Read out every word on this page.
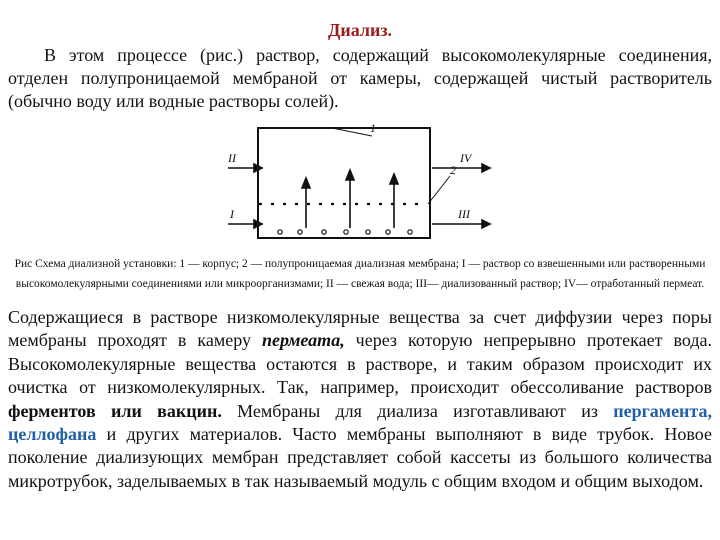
Диализ.

В этом процессе (рис.) раствор, содержащий высокомолекулярные соединения, отделен полупроницаемой мембраной от камеры, содержащей чистый растворитель (обычно воду или водные растворы солей).

II
I
IV
III
1
2

Рис Схема диализной установки: 1 — корпус; 2 — полупроницаемая диализная мембрана; I — раствор со взвешенными или растворенными высокомолекулярными соединениями или микроорганизмами; II — свежая вода; III— диализованный раствор; IV— отработанный пермеат.

Содержащиеся в растворе низкомолекулярные вещества за счет диффузии через поры мембраны проходят в камеру пермеата, через которую непрерывно протекает вода. Высокомолекулярные вещества остаются в растворе, и таким образом происходит их очистка от низкомолекулярных. Так, например, происходит обессоливание растворов ферментов или вакцин. Мембраны для диализа изготавливают из пергамента, целлофана и других материалов. Часто мембраны выполняют в виде трубок. Новое поколение диализующих мембран представляет собой кассеты из большого количества микротрубок, заделываемых в так называемый модуль с общим входом и общим выходом.
